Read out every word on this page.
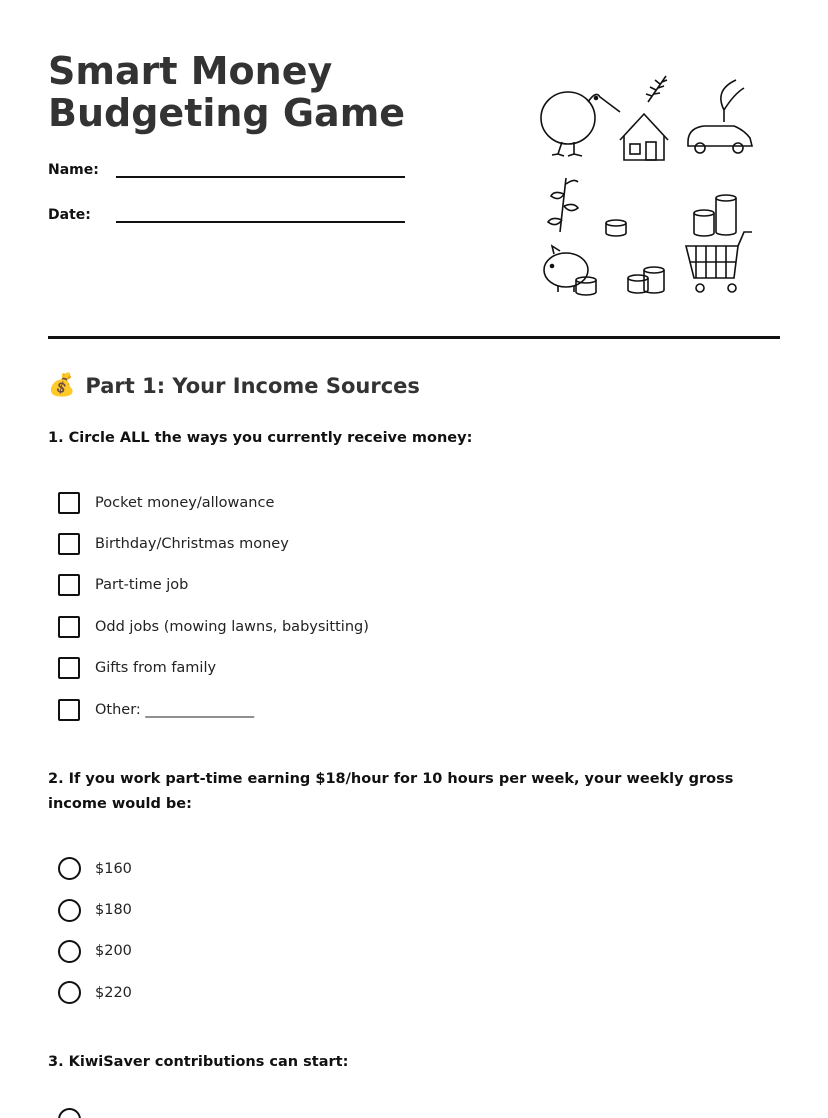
Smart Money
Budgeting Game
Name:
Date:
💰 Part 1: Your Income Sources

1. Circle ALL the ways you currently receive money:

Pocket money/allowance
Birthday/Christmas money
Part-time job
Odd jobs (mowing lawns, babysitting)
Gifts from family
Other: _______________

2. If you work part-time earning $18/hour for 10 hours per week, your weekly gross income would be:

$160
$180
$200
$220

3. KiwiSaver contributions can start:
